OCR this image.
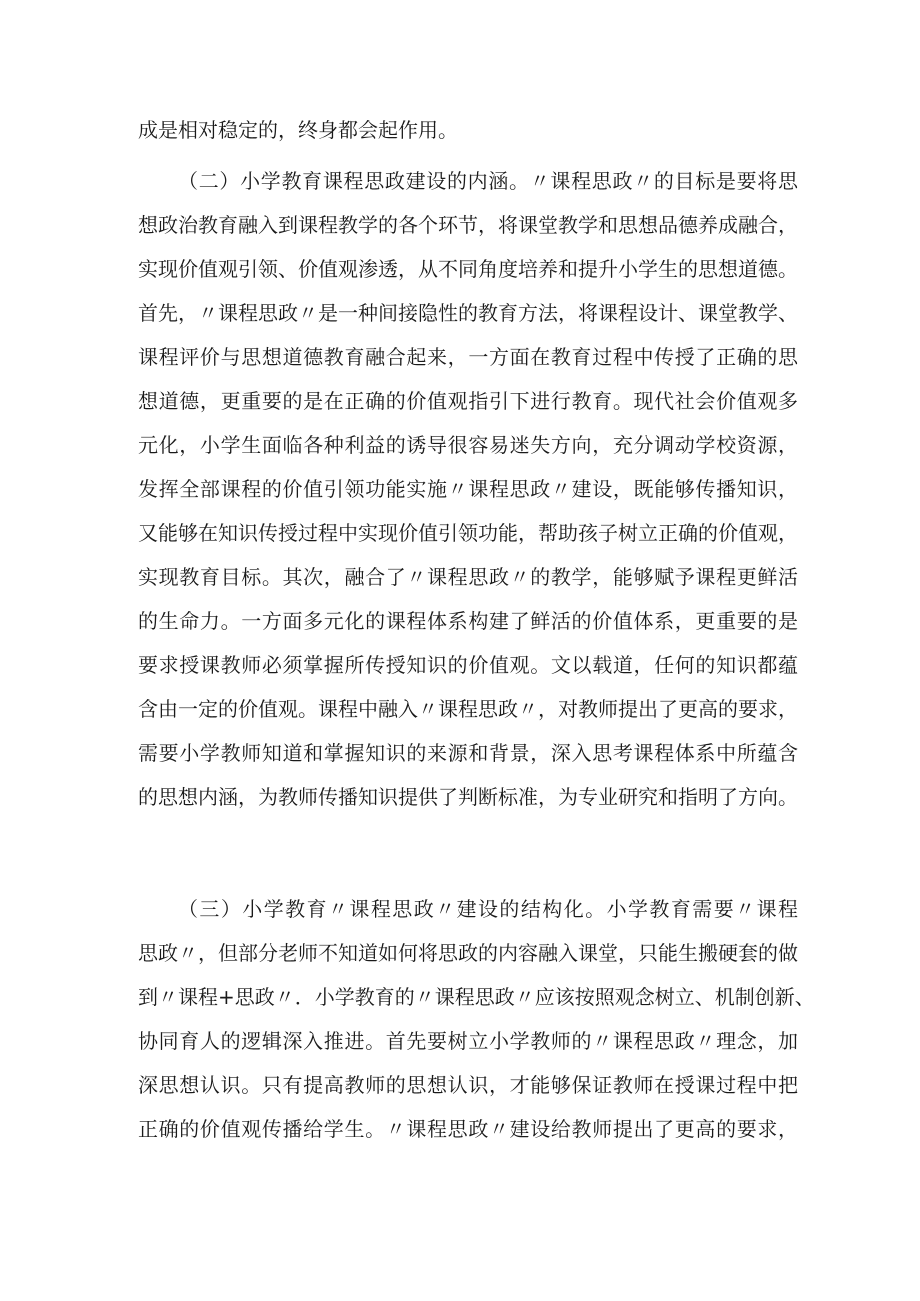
成是相对稳定的，终身都会起作用。
（二）小学教育课程思政建设的内涵。〃课程思政〃的目标是要将思
想政治教育融入到课程教学的各个环节，将课堂教学和思想品德养成融合，
实现价值观引领、价值观渗透，从不同角度培养和提升小学生的思想道德。
首先，〃课程思政〃是一种间接隐性的教育方法，将课程设计、课堂教学、
课程评价与思想道德教育融合起来，一方面在教育过程中传授了正确的思
想道德，更重要的是在正确的价值观指引下进行教育。现代社会价值观多
元化，小学生面临各种利益的诱导很容易迷失方向，充分调动学校资源，
发挥全部课程的价值引领功能实施〃课程思政〃建设，既能够传播知识，
又能够在知识传授过程中实现价值引领功能，帮助孩子树立正确的价值观，
实现教育目标。其次，融合了〃课程思政〃的教学，能够赋予课程更鲜活
的生命力。一方面多元化的课程体系构建了鲜活的价值体系，更重要的是
要求授课教师必须掌握所传授知识的价值观。文以载道，任何的知识都蕴
含由一定的价值观。课程中融入〃课程思政〃，对教师提出了更高的要求，
需要小学教师知道和掌握知识的来源和背景，深入思考课程体系中所蕴含
的思想内涵，为教师传播知识提供了判断标准，为专业研究和指明了方向。
（三）小学教育〃课程思政〃建设的结构化。小学教育需要〃课程
思政〃，但部分老师不知道如何将思政的内容融入课堂，只能生搬硬套的做
到〃课程+思政〃．小学教育的〃课程思政〃应该按照观念树立、机制创新、
协同育人的逻辑深入推进。首先要树立小学教师的〃课程思政〃理念，加
深思想认识。只有提高教师的思想认识，才能够保证教师在授课过程中把
正确的价值观传播给学生。〃课程思政〃建设给教师提出了更高的要求，
